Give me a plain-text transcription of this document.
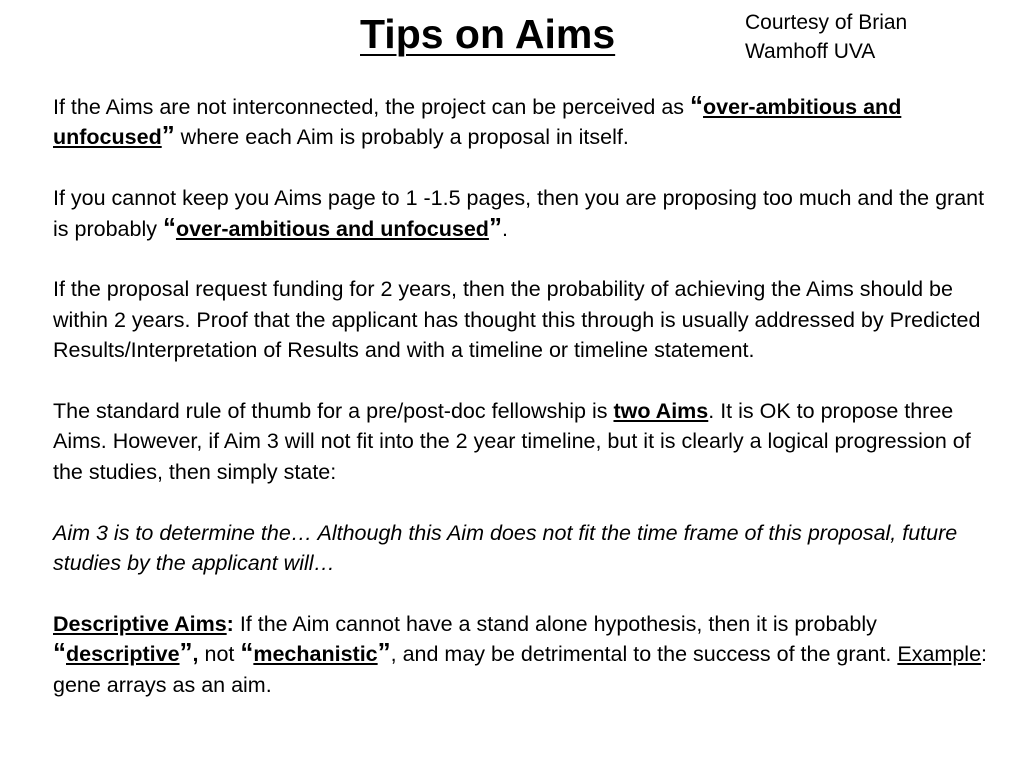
Tips on Aims	Courtesy of Brian
Wamhoff UVA

If the Aims are not interconnected, the project can be perceived as “over-ambitious and unfocused” where each Aim is probably a proposal in itself.

If you cannot keep you Aims page to 1 -1.5 pages, then you are proposing too much and the grant is probably “over-ambitious and unfocused”.

If the proposal request funding for 2 years, then the probability of achieving the Aims should be within 2 years. Proof that the applicant has thought this through is usually addressed by Predicted Results/Interpretation of Results and with a timeline or timeline statement.

The standard rule of thumb for a pre/post-doc fellowship is two Aims. It is OK to propose three Aims. However, if Aim 3 will not fit into the 2 year timeline, but it is clearly a logical progression of the studies, then simply state:

Aim 3 is to determine the… Although this Aim does not fit the time frame of this proposal, future studies by the applicant will…

Descriptive Aims: If the Aim cannot have a stand alone hypothesis, then it is probably “descriptive”, not “mechanistic”, and may be detrimental to the success of the grant. Example: gene arrays as an aim.
